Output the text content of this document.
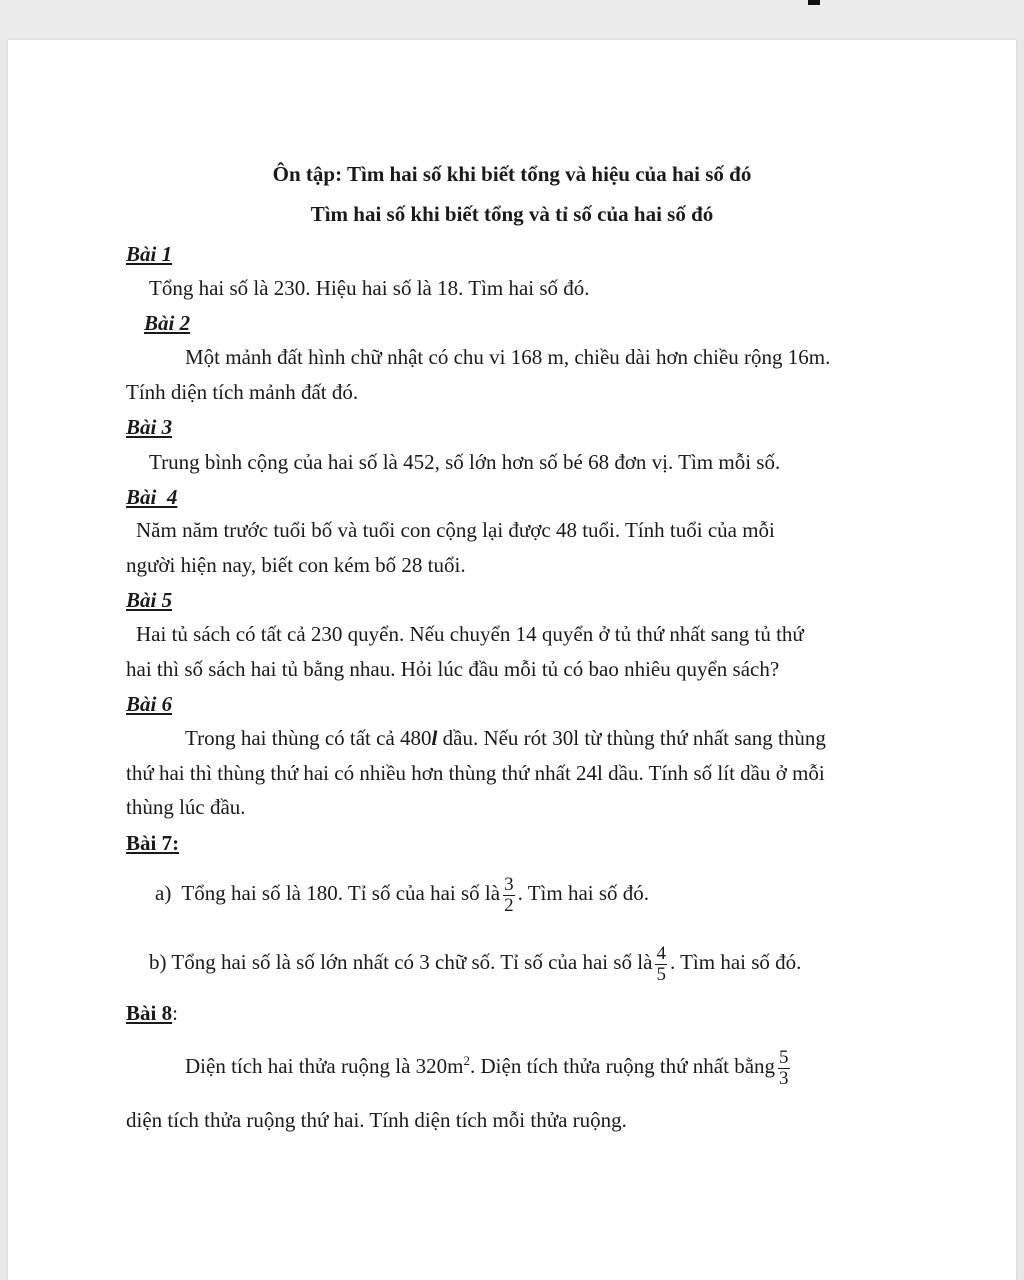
Ôn tập: Tìm hai số khi biết tổng và hiệu của hai số đó
Tìm hai số khi biết tổng và tỉ số của hai số đó
Bài 1
Tổng hai số là 230. Hiệu hai số là 18. Tìm hai số đó.
Bài 2
Một mảnh đất hình chữ nhật có chu vi 168 m, chiều dài hơn chiều rộng 16m.
Tính diện tích mảnh đất đó.
Bài 3
Trung bình cộng của hai số là 452, số lớn hơn số bé 68 đơn vị. Tìm mỗi số.
Bài  4
Năm năm trước tuổi bố và tuổi con cộng lại được 48 tuổi. Tính tuổi của mỗi
người hiện nay, biết con kém bố 28 tuổi.
Bài 5
Hai tủ sách có tất cả 230 quyển. Nếu chuyển 14 quyển ở tủ thứ nhất sang tủ thứ
hai thì số sách hai tủ bằng nhau. Hỏi lúc đầu mỗi tủ có bao nhiêu quyển sách?
Bài 6
Trong hai thùng có tất cả 480l dầu. Nếu rót 30l từ thùng thứ nhất sang thùng
thứ hai thì thùng thứ hai có nhiều hơn thùng thứ nhất 24l dầu. Tính số lít dầu ở mỗi
thùng lúc đầu.
Bài 7:
a)  Tổng hai số là 180. Tỉ số của hai số là $\frac{3}{2}$ . Tìm hai số đó.
b) Tổng hai số là số lớn nhất có 3 chữ số. Tỉ số của hai số là $\frac{4}{5}$ . Tìm hai số đó.
Bài 8:
Diện tích hai thửa ruộng là $320m^2$. Diện tích thửa ruộng thứ nhất bằng $\frac{5}{3}$
diện tích thửa ruộng thứ hai. Tính diện tích mỗi thửa ruộng.
